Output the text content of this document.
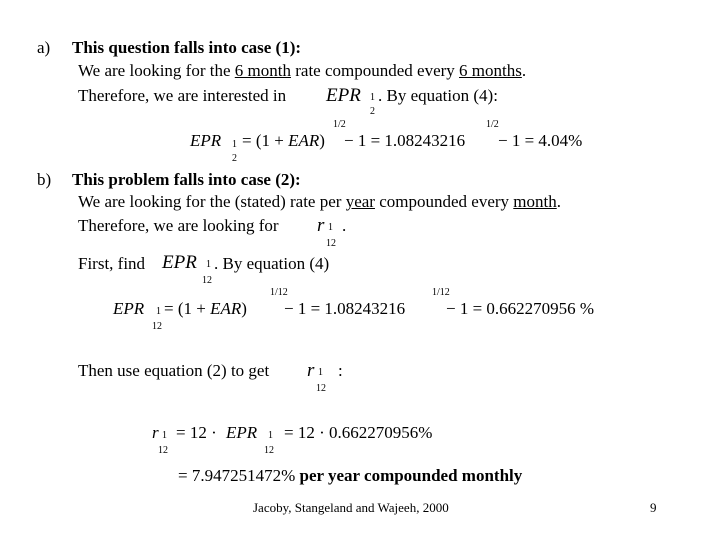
a) This question falls into case (1):
We are looking for the 6 month rate compounded every 6 months.
Therefore, we are interested in EPR 1
2
. By equation (4):
EPR 1
2
= (1 + EAR)
1/2
− 1 = 1.08243216
1/2
− 1 = 4.04%
b) This problem falls into case (2):
We are looking for the (stated) rate per year compounded every month.
Therefore, we are looking for r 1
12
.
First, find EPR 1
12
. By equation (4)
EPR 1
12
= (1 + EAR)
1/12
− 1 = 1.08243216
1/12
− 1 = 0.662270956 %
Then use equation (2) to get r 1
12
:
r 1
12
= 12 · EPR 1
12
= 12 · 0.662270956%
= 7.947251472% per year compounded monthly
Jacoby, Stangeland and Wajeeh, 2000	9
